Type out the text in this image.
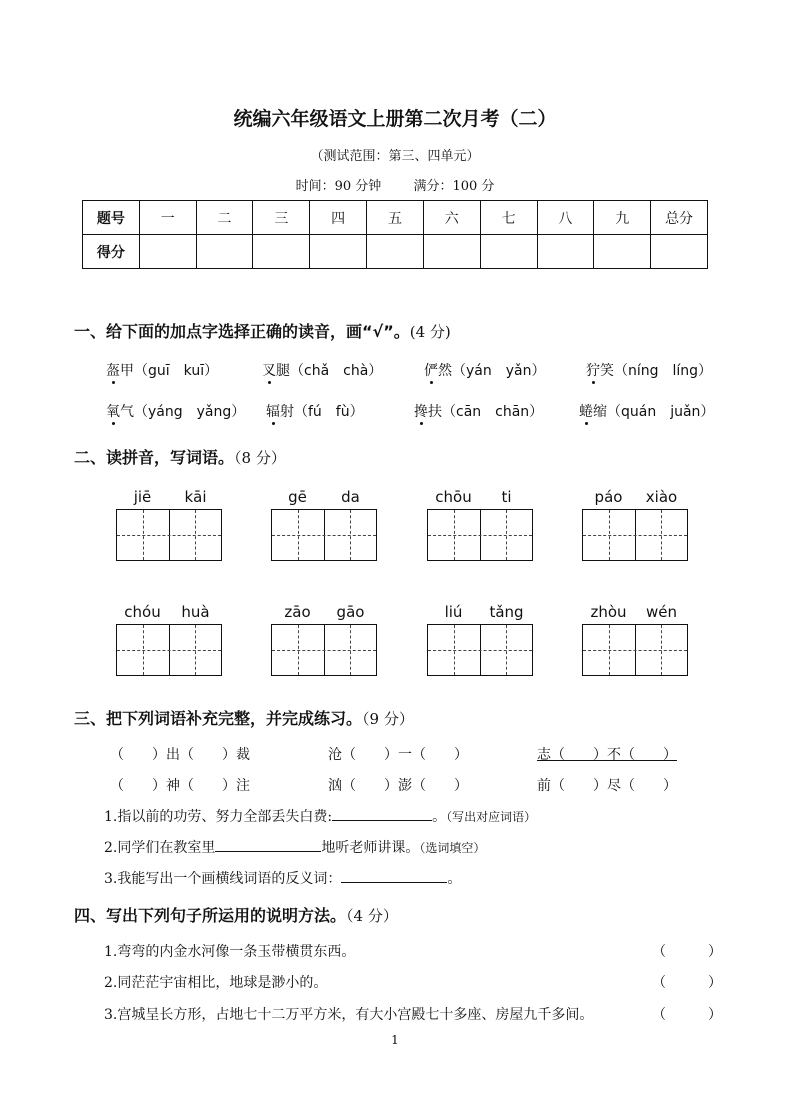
统编六年级语文上册第二次月考（二）
（测试范围：第三、四单元）
时间：90 分钟 满分：100 分
题号	一	二	三	四	五	六	七	八	九	总分
得分										
一、给下面的加点字选择正确的读音，画“√”。(4 分)
盔甲（guī　kuī）	叉腿（chǎ　chà）	俨然（yán　yǎn）	狞笑（níng　líng）
氧气（yáng　yǎng） 辐射（fú　fù）	搀扶（cān　chān）	蜷缩（quán　juǎn）
二、读拼音，写词语。（8 分）
jiē	kāi	gē	da	chōu	ti	páo	xiào
chóu	huà	zāo	gāo	liú	tǎng	zhòu	wén
三、把下列词语补充完整，并完成练习。（9 分）
（　　）出（　　）裁	沧（　　）一（　　）	志（　　）不（　　）
（　　）神（　　）注	汹（　　）澎（　　）	前（　　）尽（　　）
1.指以前的功劳、努力全部丢失白费:	。（写出对应词语）
2.同学们在教室里	地听老师讲课。（选词填空）
3.我能写出一个画横线词语的反义词：	。
四、写出下列句子所运用的说明方法。（4 分）
1.弯弯的内金水河像一条玉带横贯东西。	（　　　）
2.同茫茫宇宙相比，地球是渺小的。	（　　　）
3.宫城呈长方形，占地七十二万平方米，有大小宫殿七十多座、房屋九千多间。	（　　　）
1
